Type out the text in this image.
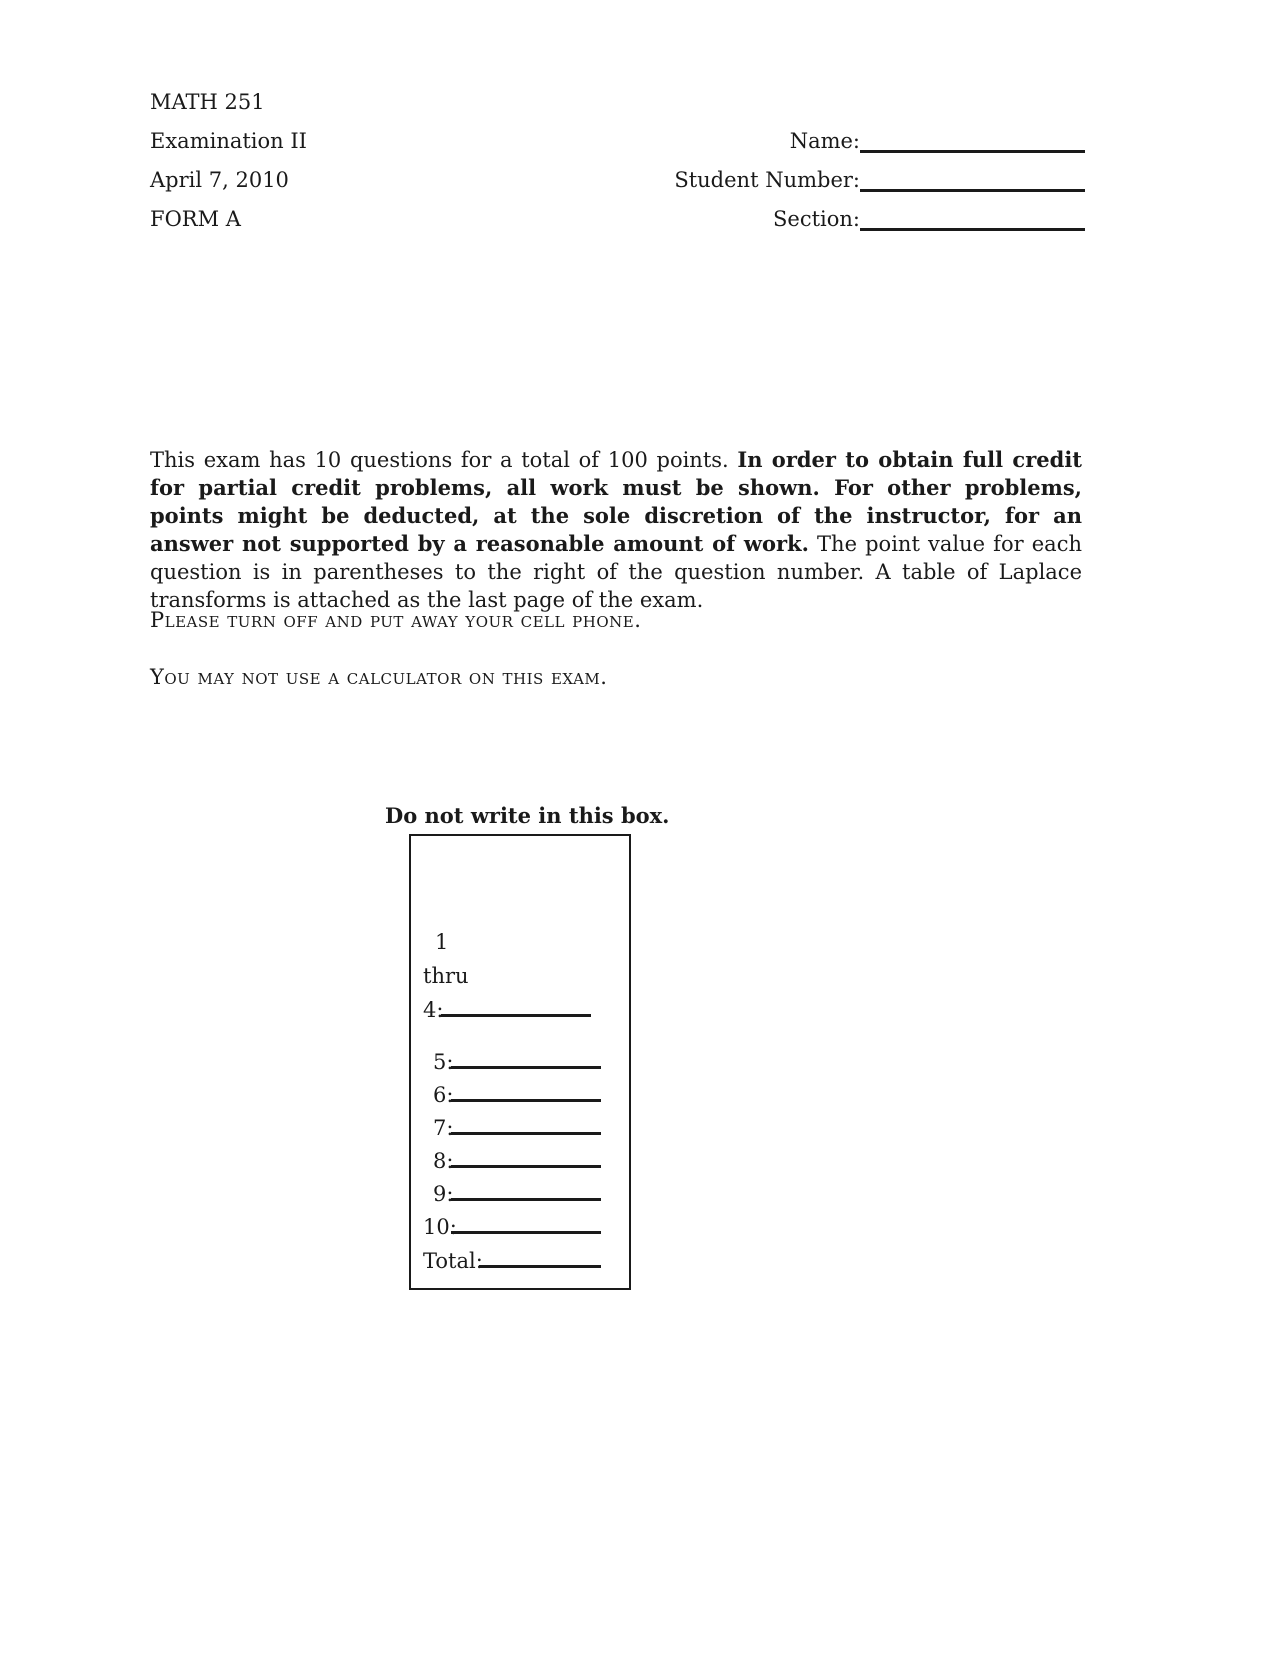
MATH 251
Examination II
April 7, 2010
FORM A
Name:
Student Number:
Section:
This exam has 10 questions for a total of 100 points. In order to obtain full credit for partial credit problems, all work must be shown. For other problems, points might be deducted, at the sole discretion of the instructor, for an answer not supported by a reasonable amount of work. The point value for each question is in parentheses to the right of the question number. A table of Laplace transforms is attached as the last page of the exam.
Please turn off and put away your cell phone.
You may not use a calculator on this exam.
Do not write in this box.
1
thru
4:
5:
6:
7:
8:
9:
10:
Total:
